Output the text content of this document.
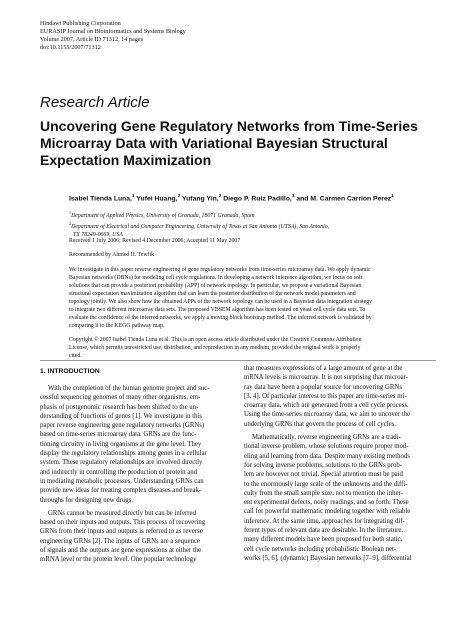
Hindawi Publishing Corporation
EURASIP Journal on Bioinformatics and Systems Biology
Volume 2007, Article ID 71312, 14 pages
doi:10.1155/2007/71312
Research Article
Uncovering Gene Regulatory Networks from Time-Series
Microarray Data with Variational Bayesian Structural
Expectation Maximization
Isabel Tienda Luna,$^1$ Yufei Huang,$^2$ Yufang Yin,$^2$ Diego P. Ruiz Padillo,$^1$ and M. Carmen Carrion Perez$^1$
$^1$Department of Applied Physics, University of Granada, 18071 Granada, Spain
$^2$Department of Electrical and Computer Engineering, University of Texas at San Antonio (UTSA), San Antonio,
TX 78249-0669, USA
Received 1 July 2006; Revised 4 December 2006; Accepted 11 May 2007
Recommended by Ahmed H. Tewfik
We investigate in this paper reverse engineering of gene regulatory networks from time-series microarray data. We apply dynamic
Bayesian networks (DBNs) for modeling cell cycle regulations. In developing a network inference algorithm, we focus on soft
solutions that can provide a posteriori probability (APP) of network topology. In particular, we propose a variational Bayesian
structural expectation maximization algorithm that can learn the posterior distribution of the network model parameters and
topology jointly. We also show how the obtained APPs of the network topology can be used in a Bayesian data integration strategy
to integrate two different microarray data sets. The proposed VBSEM algorithm has been tested on yeast cell cycle data sets. To
evaluate the confidence of the inferred networks, we apply a moving block bootstrap method. The inferred network is validated by
comparing it to the KEGG pathway map.
Copyright © 2007 Isabel Tienda Luna et al. This is an open access article distributed under the Creative Commons Attribution
License, which permits unrestricted use, distribution, and reproduction in any medium, provided the original work is properly
cited.
1. INTRODUCTION
With the completion of the human genome project and suc-
cessful sequencing genomes of many other organisms, em-
phasis of postgenomic research has been shifted to the un-
derstanding of functions of genes [1]. We investigate in this
paper reverse engineering gene regulatory networks (GRNs)
based on time-series microarray data. GRNs are the func-
tioning circuitry in living organisms at the gene level. They
display the regulatory relationships among genes in a cellular
system. These regulatory relationships are involved directly
and indirectly in controlling the production of protein and
in mediating metabolic processes. Understanding GRNs can
provide new ideas for treating complex diseases and break-
throughs for designing new drugs.
GRNs cannot be measured directly but can be inferred
based on their inputs and outputs. This process of recovering
GRNs from their inputs and outputs is referred to as reverse
engineering GRNs [2]. The inputs of GRNs are a sequence
of signals and the outputs are gene expressions at either the
mRNA level or the protein level. One popular technology
that measures expressions of a large amount of gene at the
mRNA levels is microarray. It is not surprising that microar-
ray data have been a popular source for uncovering GRNs
[3, 4]. Of particular interest to this paper are time-series mi-
croarray data, which are generated from a cell cycle process.
Using the time-series microarray data, we aim to uncover the
underlying GRNs that govern the process of cell cycles.
Mathematically, reverse engineering GRNs are a tradi-
tional inverse problem, whose solutions require proper mod-
eling and learning from data. Despite many existing methods
for solving inverse problems, solutions to the GRNs prob-
lem are however not trivial. Special attention must be paid
to the enormously large scale of the unknowns and the diffi-
culty from the small sample size, not to mention the inher-
ent experimental defects, noisy readings, and so forth. These
call for powerful mathematic modeling together with reliable
inference. At the same time, approaches for integrating dif-
ferent types of relevant data are desirable. In the literature,
many different models have been proposed for both static,
cell cycle networks including probabilistic Boolean net-
works [5, 6], (dynamic) Bayesian networks [7–9], differential
